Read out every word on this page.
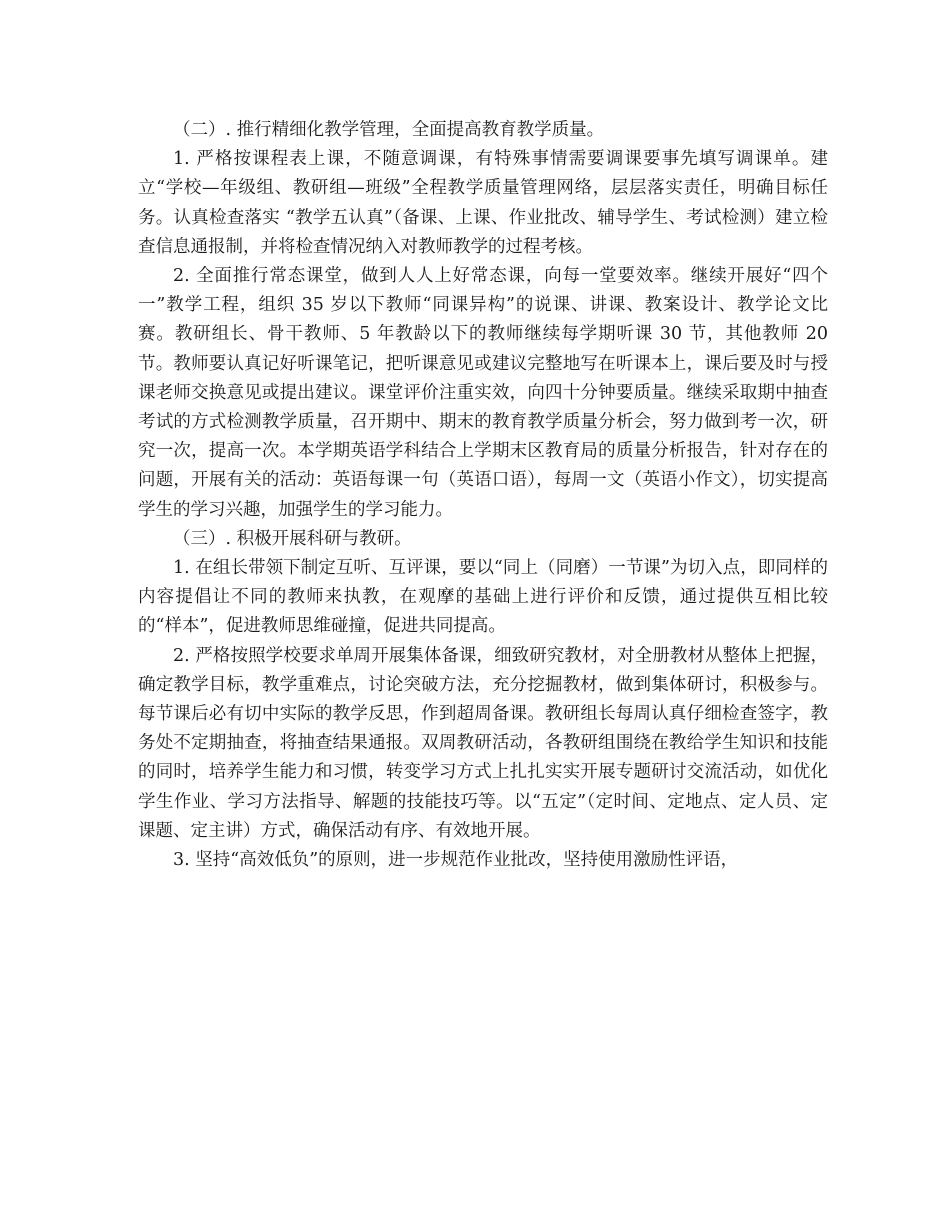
（二）. 推行精细化教学管理，全面提高教育教学质量。

1. 严格按课程表上课，不随意调课，有特殊事情需要调课要事先填写调课单。建立“学校—年级组、教研组—班级”全程教学质量管理网络，层层落实责任，明确目标任务。认真检查落实 “教学五认真”（备课、上课、作业批改、辅导学生、考试检测）建立检查信息通报制，并将检查情况纳入对教师教学的过程考核。

2. 全面推行常态课堂，做到人人上好常态课，向每一堂要效率。继续开展好“四个一”教学工程，组织 35 岁以下教师“同课异构”的说课、讲课、教案设计、教学论文比赛。教研组长、骨干教师、5 年教龄以下的教师继续每学期听课 30 节，其他教师 20 节。教师要认真记好听课笔记，把听课意见或建议完整地写在听课本上，课后要及时与授课老师交换意见或提出建议。课堂评价注重实效，向四十分钟要质量。继续采取期中抽查考试的方式检测教学质量，召开期中、期末的教育教学质量分析会，努力做到考一次，研究一次，提高一次。本学期英语学科结合上学期末区教育局的质量分析报告，针对存在的问题，开展有关的活动：英语每课一句（英语口语），每周一文（英语小作文），切实提高学生的学习兴趣，加强学生的学习能力。

（三）. 积极开展科研与教研。

1. 在组长带领下制定互听、互评课，要以“同上（同磨）一节课”为切入点，即同样的内容提倡让不同的教师来执教，在观摩的基础上进行评价和反馈，通过提供互相比较的“样本”，促进教师思维碰撞，促进共同提高。

2. 严格按照学校要求单周开展集体备课，细致研究教材，对全册教材从整体上把握，确定教学目标，教学重难点，讨论突破方法，充分挖掘教材，做到集体研讨，积极参与。每节课后必有切中实际的教学反思，作到超周备课。教研组长每周认真仔细检查签字，教务处不定期抽查，将抽查结果通报。双周教研活动，各教研组围绕在教给学生知识和技能的同时，培养学生能力和习惯，转变学习方式上扎扎实实开展专题研讨交流活动，如优化学生作业、学习方法指导、解题的技能技巧等。以“五定”（定时间、定地点、定人员、定课题、定主讲）方式，确保活动有序、有效地开展。

3. 坚持“高效低负”的原则，进一步规范作业批改，坚持使用激励性评语，
